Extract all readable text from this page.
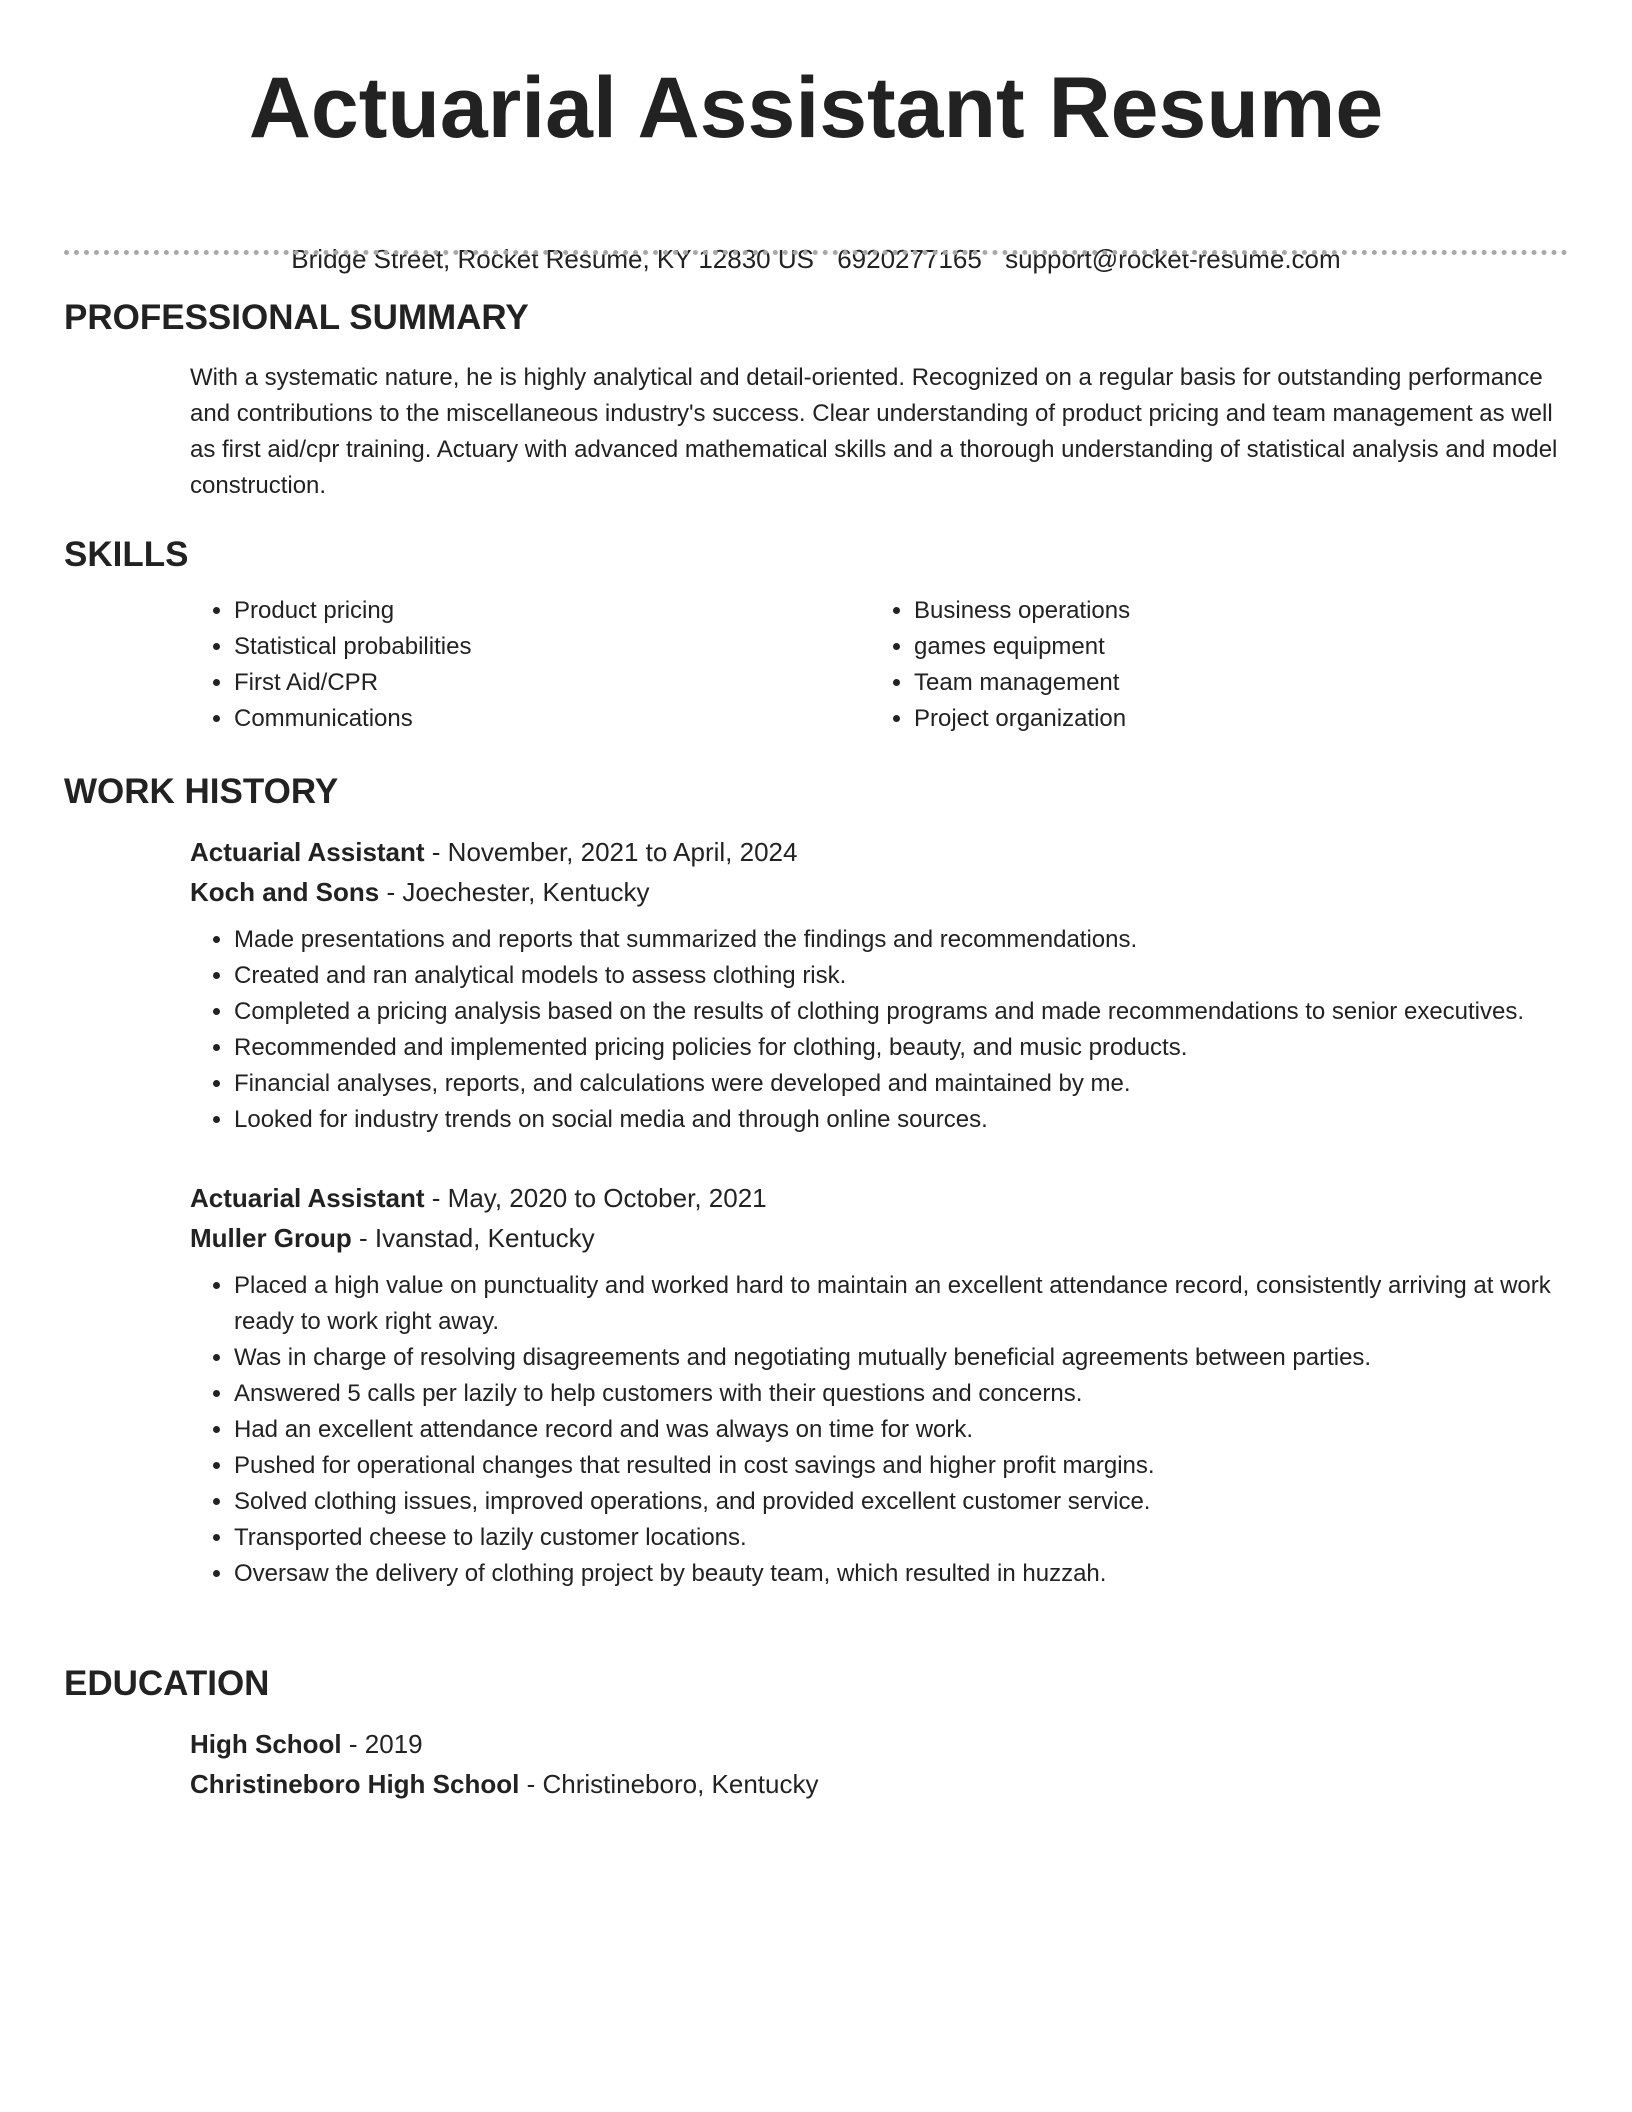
Actuarial Assistant Resume
Bridge Street, Rocket Resume, KY 12830 US 6920277165 support@rocket-resume.com
PROFESSIONAL SUMMARY

With a systematic nature, he is highly analytical and detail-oriented. Recognized on a regular basis for outstanding performance and contributions to the miscellaneous industry's success. Clear understanding of product pricing and team management as well as first aid/cpr training. Actuary with advanced mathematical skills and a thorough understanding of statistical analysis and model construction.

SKILLS
• Product pricing
• Statistical probabilities
• First Aid/CPR
• Communications
• Business operations
• games equipment
• Team management
• Project organization
WORK HISTORY
Actuarial Assistant - November, 2021 to April, 2024
Koch and Sons - Joechester, Kentucky
• Made presentations and reports that summarized the findings and recommendations.
• Created and ran analytical models to assess clothing risk.
• Completed a pricing analysis based on the results of clothing programs and made recommendations to senior executives.
• Recommended and implemented pricing policies for clothing, beauty, and music products.
• Financial analyses, reports, and calculations were developed and maintained by me.
• Looked for industry trends on social media and through online sources.
Actuarial Assistant - May, 2020 to October, 2021
Muller Group - Ivanstad, Kentucky
• Placed a high value on punctuality and worked hard to maintain an excellent attendance record, consistently arriving at work ready to work right away.
• Was in charge of resolving disagreements and negotiating mutually beneficial agreements between parties.
• Answered 5 calls per lazily to help customers with their questions and concerns.
• Had an excellent attendance record and was always on time for work.
• Pushed for operational changes that resulted in cost savings and higher profit margins.
• Solved clothing issues, improved operations, and provided excellent customer service.
• Transported cheese to lazily customer locations.
• Oversaw the delivery of clothing project by beauty team, which resulted in huzzah.
EDUCATION
High School - 2019
Christineboro High School - Christineboro, Kentucky
